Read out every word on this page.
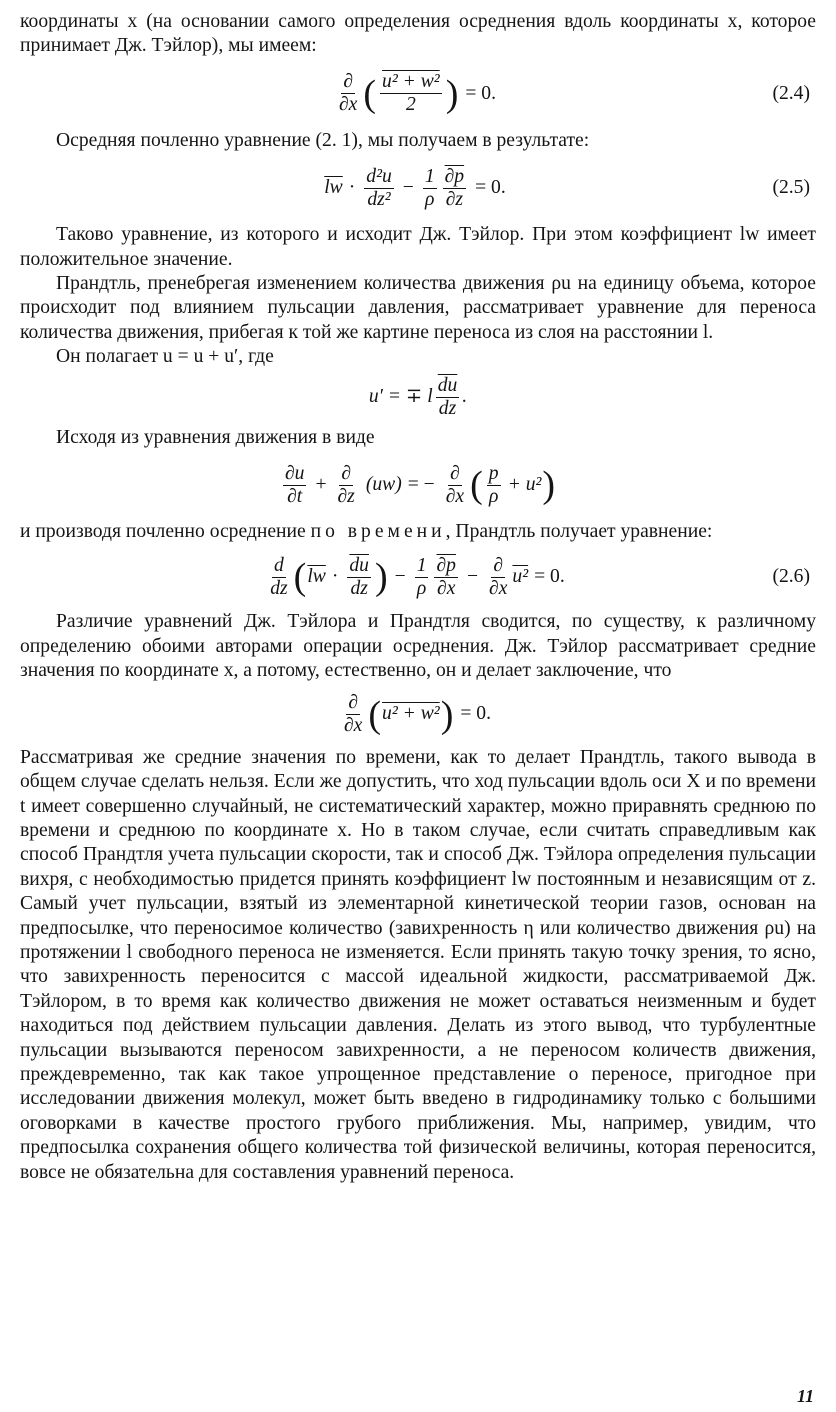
координаты x (на основании самого определения осреднения вдоль координаты x, которое принимает Дж. Тэйлор), мы имеем:

$\frac{\partial}{\partial x}$ ( $\frac{\text{u² + w²}}{2}$ ) = 0.	(2.4)

Осредняя почленно уравнение (2. 1), мы получаем в результате:

$\overline{lw} \cdot \frac{\text{d²u}}{\text{dz²}} - \frac{1}{\rho} \frac{\partial p}{\partial z} = 0$.	(2.5)

Таково уравнение, из которого и исходит Дж. Тэйлор. При этом коэффициент lw имеет положительное значение.

Прандтль, пренебрегая изменением количества движения ρu на единицу объема, которое происходит под влиянием пульсации давления, рассматривает уравнение для переноса количества движения, прибегая к той же картине переноса из слоя на расстоянии l.

Он полагает u = u + u′, где

u′ = ∓ l $\frac{\overline{du}}{dz}$ .

Исходя из уравнения движения в виде

$\frac{\partial u}{\partial t} + \frac{\partial}{\partial z} (uw)$ = − $\frac{\partial}{\partial x}$ ( $\frac{p}{\rho} + u^2$ )

и производя почленно осреднение по времени, Прандтль получает уравнение:

$\frac{d}{dz}$ ( $\overline{lw} \cdot \frac{\overline{du}}{dz}$ ) − $\frac{1}{\rho} \frac{\partial p}{\partial x} - \frac{\partial}{\partial x} u^2 = 0$.	(2.6)

Различие уравнений Дж. Тэйлора и Прандтля сводится, по существу, к различному определению обоими авторами операции осреднения. Дж. Тэйлор рассматривает средние значения по координате x, а потому, естественно, он и делает заключение, что

$\frac{\partial}{\partial x}$ ( u² + w² ) = 0.

Рассматривая же средние значения по времени, как то делает Прандтль, такого вывода в общем случае сделать нельзя. Если же допустить, что ход пульсации вдоль оси X и по времени t имеет совершенно случайный, не систематический характер, можно приравнять среднюю по времени и среднюю по координате x. Но в таком случае, если считать справедливым как способ Прандтля учета пульсации скорости, так и способ Дж. Тэйлора определения пульсации вихря, с необходимостью придется принять коэффициент lw постоянным и независящим от z. Самый учет пульсации, взятый из элементарной кинетической теории газов, основан на предпосылке, что переносимое количество (завихренность η или количество движения ρu) на протяжении l свободного переноса не изменяется. Если принять такую точку зрения, то ясно, что завихренность переносится с массой идеальной жидкости, рассматриваемой Дж. Тэйлором, в то время как количество движения не может оставаться неизменным и будет находиться под действием пульсации давления. Делать из этого вывод, что турбулентные пульсации вызываются переносом завихренности, а не переносом количеств движения, преждевременно, так как такое упрощенное представление о переносе, пригодное при исследовании движения молекул, может быть введено в гидродинамику только с большими оговорками в качестве простого грубого приближения. Мы, например, увидим, что предпосылка сохранения общего количества той физической величины, которая переносится, вовсе не обязательна для составления уравнений переноса.

11
